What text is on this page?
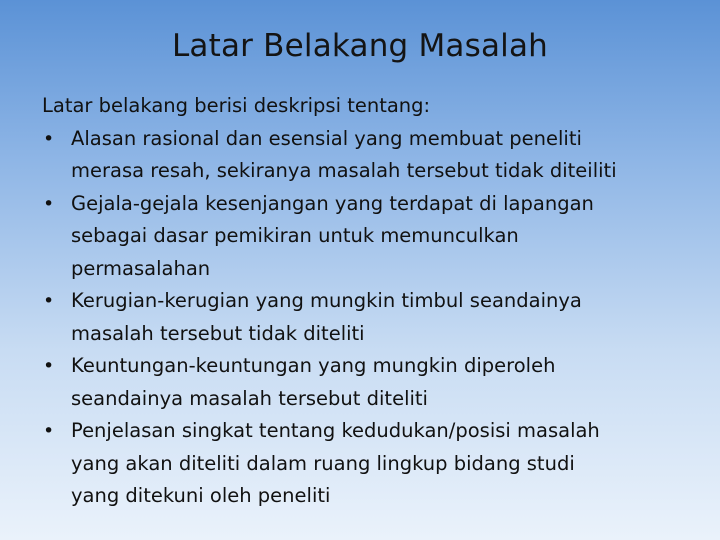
Latar Belakang Masalah

Latar belakang berisi deskripsi tentang:

• Alasan rasional dan esensial yang membuat peneliti
merasa resah, sekiranya masalah tersebut tidak diteiliti
• Gejala-gejala kesenjangan yang terdapat di lapangan
sebagai dasar pemikiran untuk memunculkan
permasalahan
• Kerugian-kerugian yang mungkin timbul seandainya
masalah tersebut tidak diteliti
• Keuntungan-keuntungan yang mungkin diperoleh
seandainya masalah tersebut diteliti
• Penjelasan singkat tentang kedudukan/posisi masalah
yang akan diteliti dalam ruang lingkup bidang studi
yang ditekuni oleh peneliti
